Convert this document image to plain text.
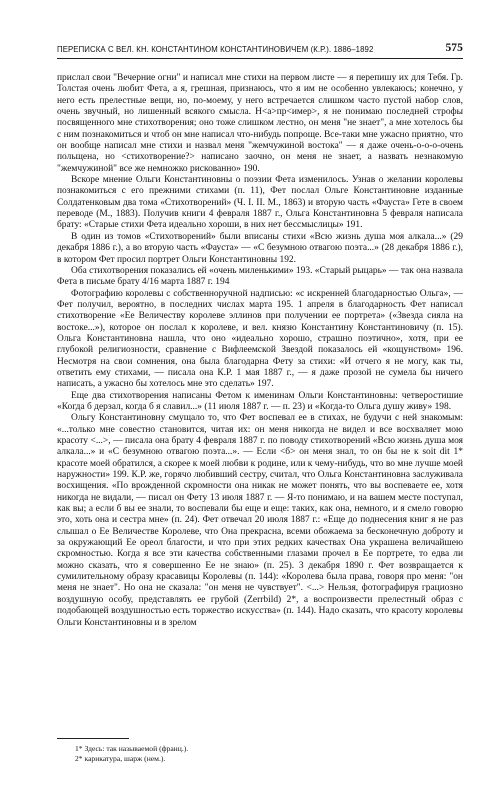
ПЕРЕПИСКА С ВЕЛ. КН. КОНСТАНТИНОМ КОНСТАНТИНОВИЧЕМ (К.Р.). 1886–1892	575

прислал свои "Вечерние огни" и написал мне стихи на первом листе — я перепишу их для Тебя. Гр. Толстая очень любит Фета, а я, грешная, признаюсь, что я им не особенно увлекаюсь; конечно, у него есть прелестные вещи, но, по-моему, у него встречается слишком часто пустой набор слов, очень звучный, но лишенный всякого смысла. Н<а>пр<имер>, я не понимаю последней строфы посвященного мне стихотворения; оно тоже слишком лестно, он меня "не знает", а мне хотелось бы с ним познакомиться и чтоб он мне написал что-нибудь попроще. Все-таки мне ужасно приятно, что он вообще написал мне стихи и назвал меня "жемчужиной востока" — я даже очень-о-о-о-очень польщена, но <стихотворение?> написано заочно, он меня не знает, а назвать незнакомую "жемчужиной" все же немножко рискованно» 190.

Вскоре мнение Ольги Константиновны о поэзии Фета изменилось. Узнав о желании королевы познакомиться с его прежними стихами (п. 11), Фет послал Ольге Константиновне изданные Солдатенковым два тома «Стихотворений» (Ч. I. II. М., 1863) и вторую часть «Фауста» Гете в своем переводе (М., 1883). Получив книги 4 февраля 1887 г., Ольга Константиновна 5 февраля написала брату: «Старые стихи Фета идеально хороши, в них нет бессмыслицы» 191.

В один из томов «Стихотворений» были вписаны стихи «Всю жизнь душа моя алкала...» (29 декабря 1886 г.), а во вторую часть «Фауста» — «С безумною отвагою поэта...» (28 декабря 1886 г.), в котором Фет просил портрет Ольги Константиновны 192.

Оба стихотворения показались ей «очень миленькими» 193. «Старый рыцарь» — так она назвала Фета в письме брату 4/16 марта 1887 г. 194

Фотографию королевы с собственноручной надписью: «с искренней благодарностью Ольга», — Фет получил, вероятно, в последних числах марта 195. 1 апреля в благодарность Фет написал стихотворение «Ее Величеству королеве эллинов при получении ее портрета» («Звезда сияла на востоке...»), которое он послал к королеве, и вел. князю Константину Константиновичу (п. 15). Ольга Константиновна нашла, что оно «идеально хорошо, страшно поэтично», хотя, при ее глубокой религиозности, сравнение с Вифлеемской Звездой показалось ей «кощунством» 196. Несмотря на свои сомнения, она была благодарна Фету за стихи: «И отчего я не могу, как ты, ответить ему стихами, — писала она К.Р. 1 мая 1887 г., — я даже прозой не сумела бы ничего написать, а ужасно бы хотелось мне это сделать» 197.

Еще два стихотворения написаны Фетом к именинам Ольги Константиновны: четверостишие «Когда б дерзал, когда б я славил...» (11 июля 1887 г. — п. 23) и «Когда-то Ольга душу живу» 198.

Ольгу Константиновну смущало то, что Фет воспевал ее в стихах, не будучи с ней знакомым: «...только мне совестно становится, читая их: он меня никогда не видел и все восхваляет мою красоту <...>, — писала она брату 4 февраля 1887 г. по поводу стихотворений «Всю жизнь душа моя алкала...» и «С безумною отвагою поэта...». — Если <б> он меня знал, то он бы не к soit dit 1* красоте моей обратился, а скорее к моей любви к родине, или к чему-нибудь, что во мне лучше моей наружности» 199. К.Р. же, горячо любивший сестру, считал, что Ольга Константиновна заслуживала восхищения. «По врожденной скромности она никак не может понять, что вы воспеваете ее, хотя никогда не видали, — писал он Фету 13 июля 1887 г. — Я-то понимаю, и на вашем месте поступал, как вы; а если б вы ее знали, то воспевали бы еще и еще: таких, как она, немного, и я смело говорю это, хоть она и сестра мне» (п. 24). Фет отвечал 20 июля 1887 г.: «Еще до поднесения книг я не раз слышал о Ее Величестве Королеве, что Она прекрасна, всеми обожаема за бесконечную доброту и за окружающий Ее ореол благости, и что при этих редких качествах Она украшена величайшею скромностью. Когда я все эти качества собственными глазами прочел в Ее портрете, то едва ли можно сказать, что я совершенно Ее не знаю» (п. 25). 3 декабря 1890 г. Фет возвращается к сумилительному образу красавицы Королевы (п. 144): «Королева была права, говоря про меня: "он меня не знает". Но она не сказала: "он меня не чувствует". <...> Нельзя, фотографируя грациозно воздушную особу, представлять ее грубой (Zerrbild) 2*, а воспроизвести прелестный образ с подобающей воздушностью есть торжество искусства» (п. 144). Надо сказать, что красоту королевы Ольги Константиновны и в зрелом

1* Здесь: так называемой (франц.).

2* карикатура, шарж (нем.).
